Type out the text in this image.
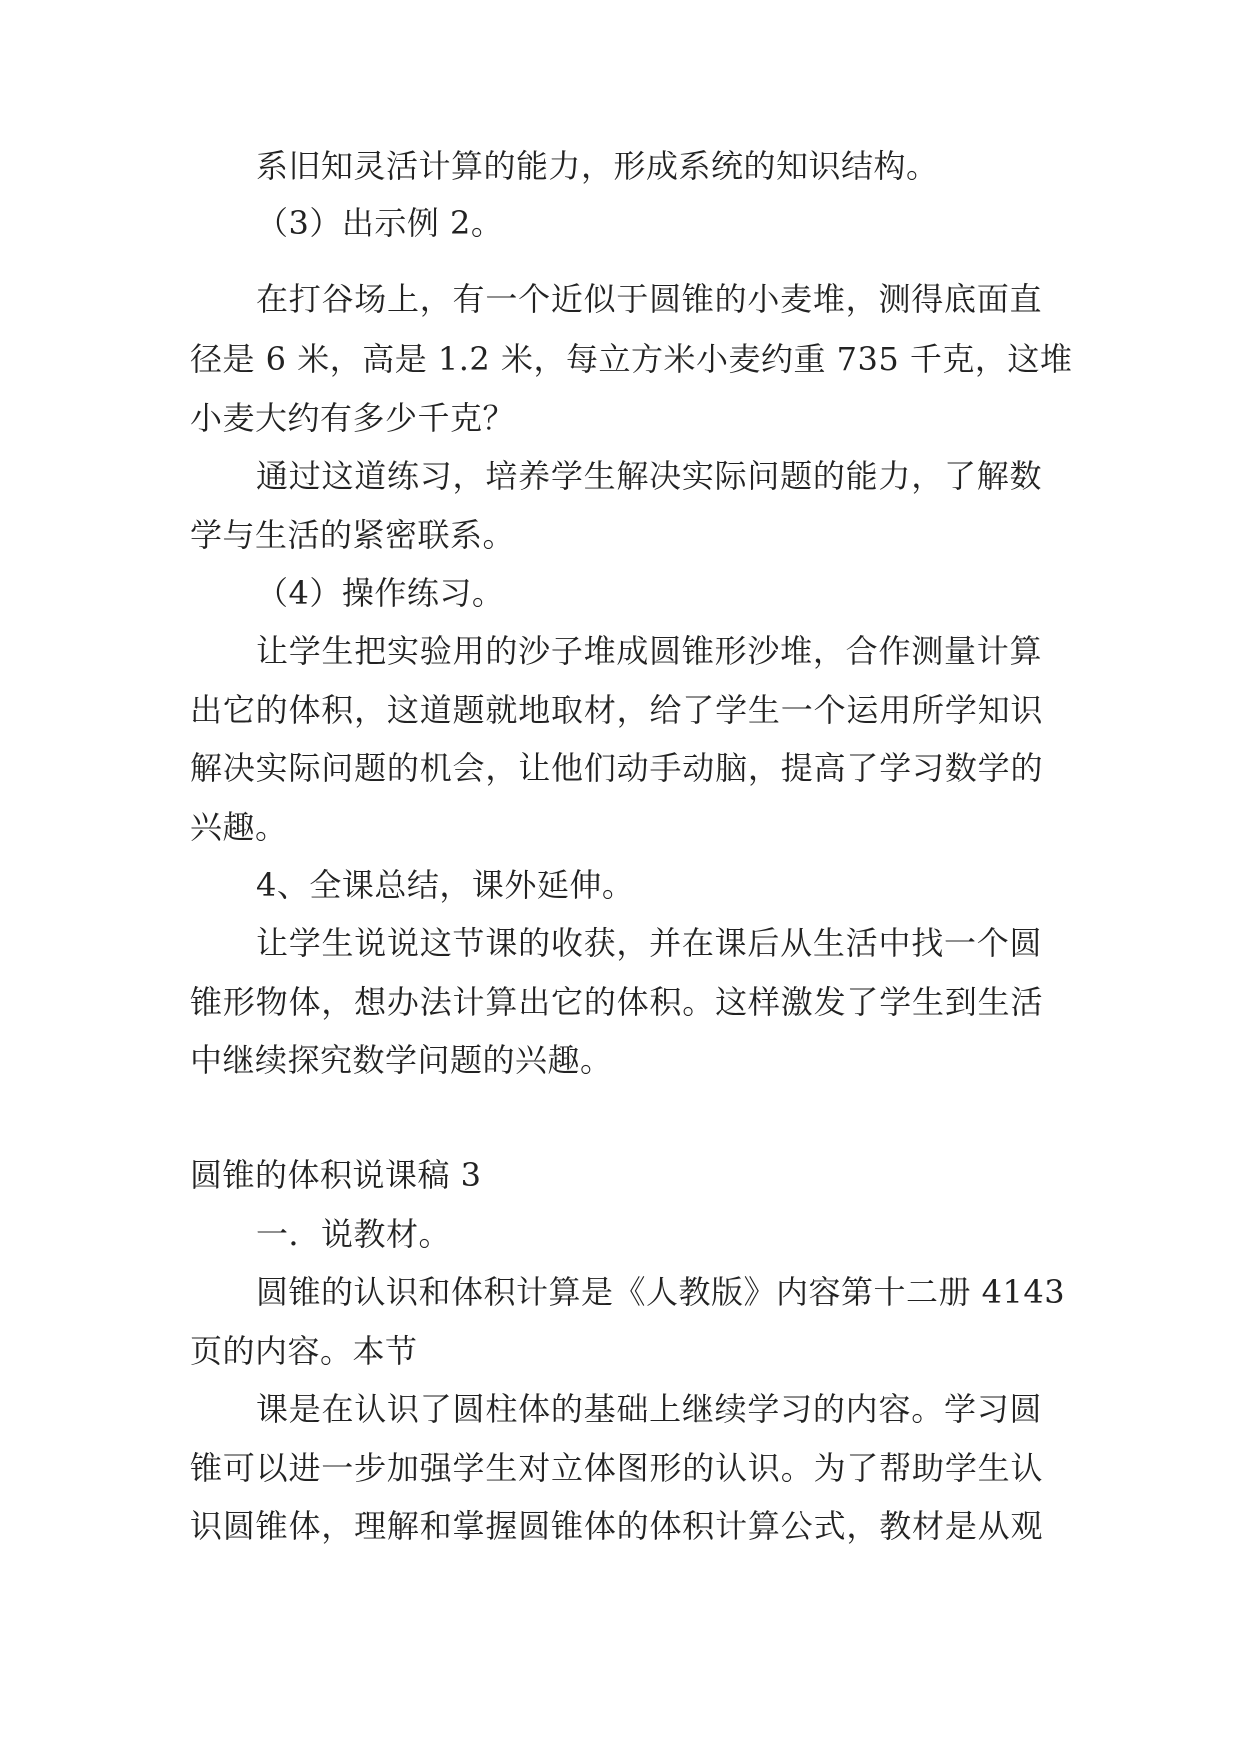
系旧知灵活计算的能力，形成系统的知识结构。
（3）出示例 2。
在打谷场上，有一个近似于圆锥的小麦堆，测得底面直
径是 6 米，高是 1.2 米，每立方米小麦约重 735 千克，这堆
小麦大约有多少千克？
通过这道练习，培养学生解决实际问题的能力，了解数
学与生活的紧密联系。
（4）操作练习。
让学生把实验用的沙子堆成圆锥形沙堆，合作测量计算
出它的体积，这道题就地取材，给了学生一个运用所学知识
解决实际问题的机会，让他们动手动脑，提高了学习数学的
兴趣。
4、全课总结，课外延伸。
让学生说说这节课的收获，并在课后从生活中找一个圆
锥形物体，想办法计算出它的体积。这样激发了学生到生活
中继续探究数学问题的兴趣。
圆锥的体积说课稿 3
一．说教材。
圆锥的认识和体积计算是《人教版》内容第十二册 4143
页的内容。本节
课是在认识了圆柱体的基础上继续学习的内容。学习圆
锥可以进一步加强学生对立体图形的认识。为了帮助学生认
识圆锥体，理解和掌握圆锥体的体积计算公式，教材是从观
